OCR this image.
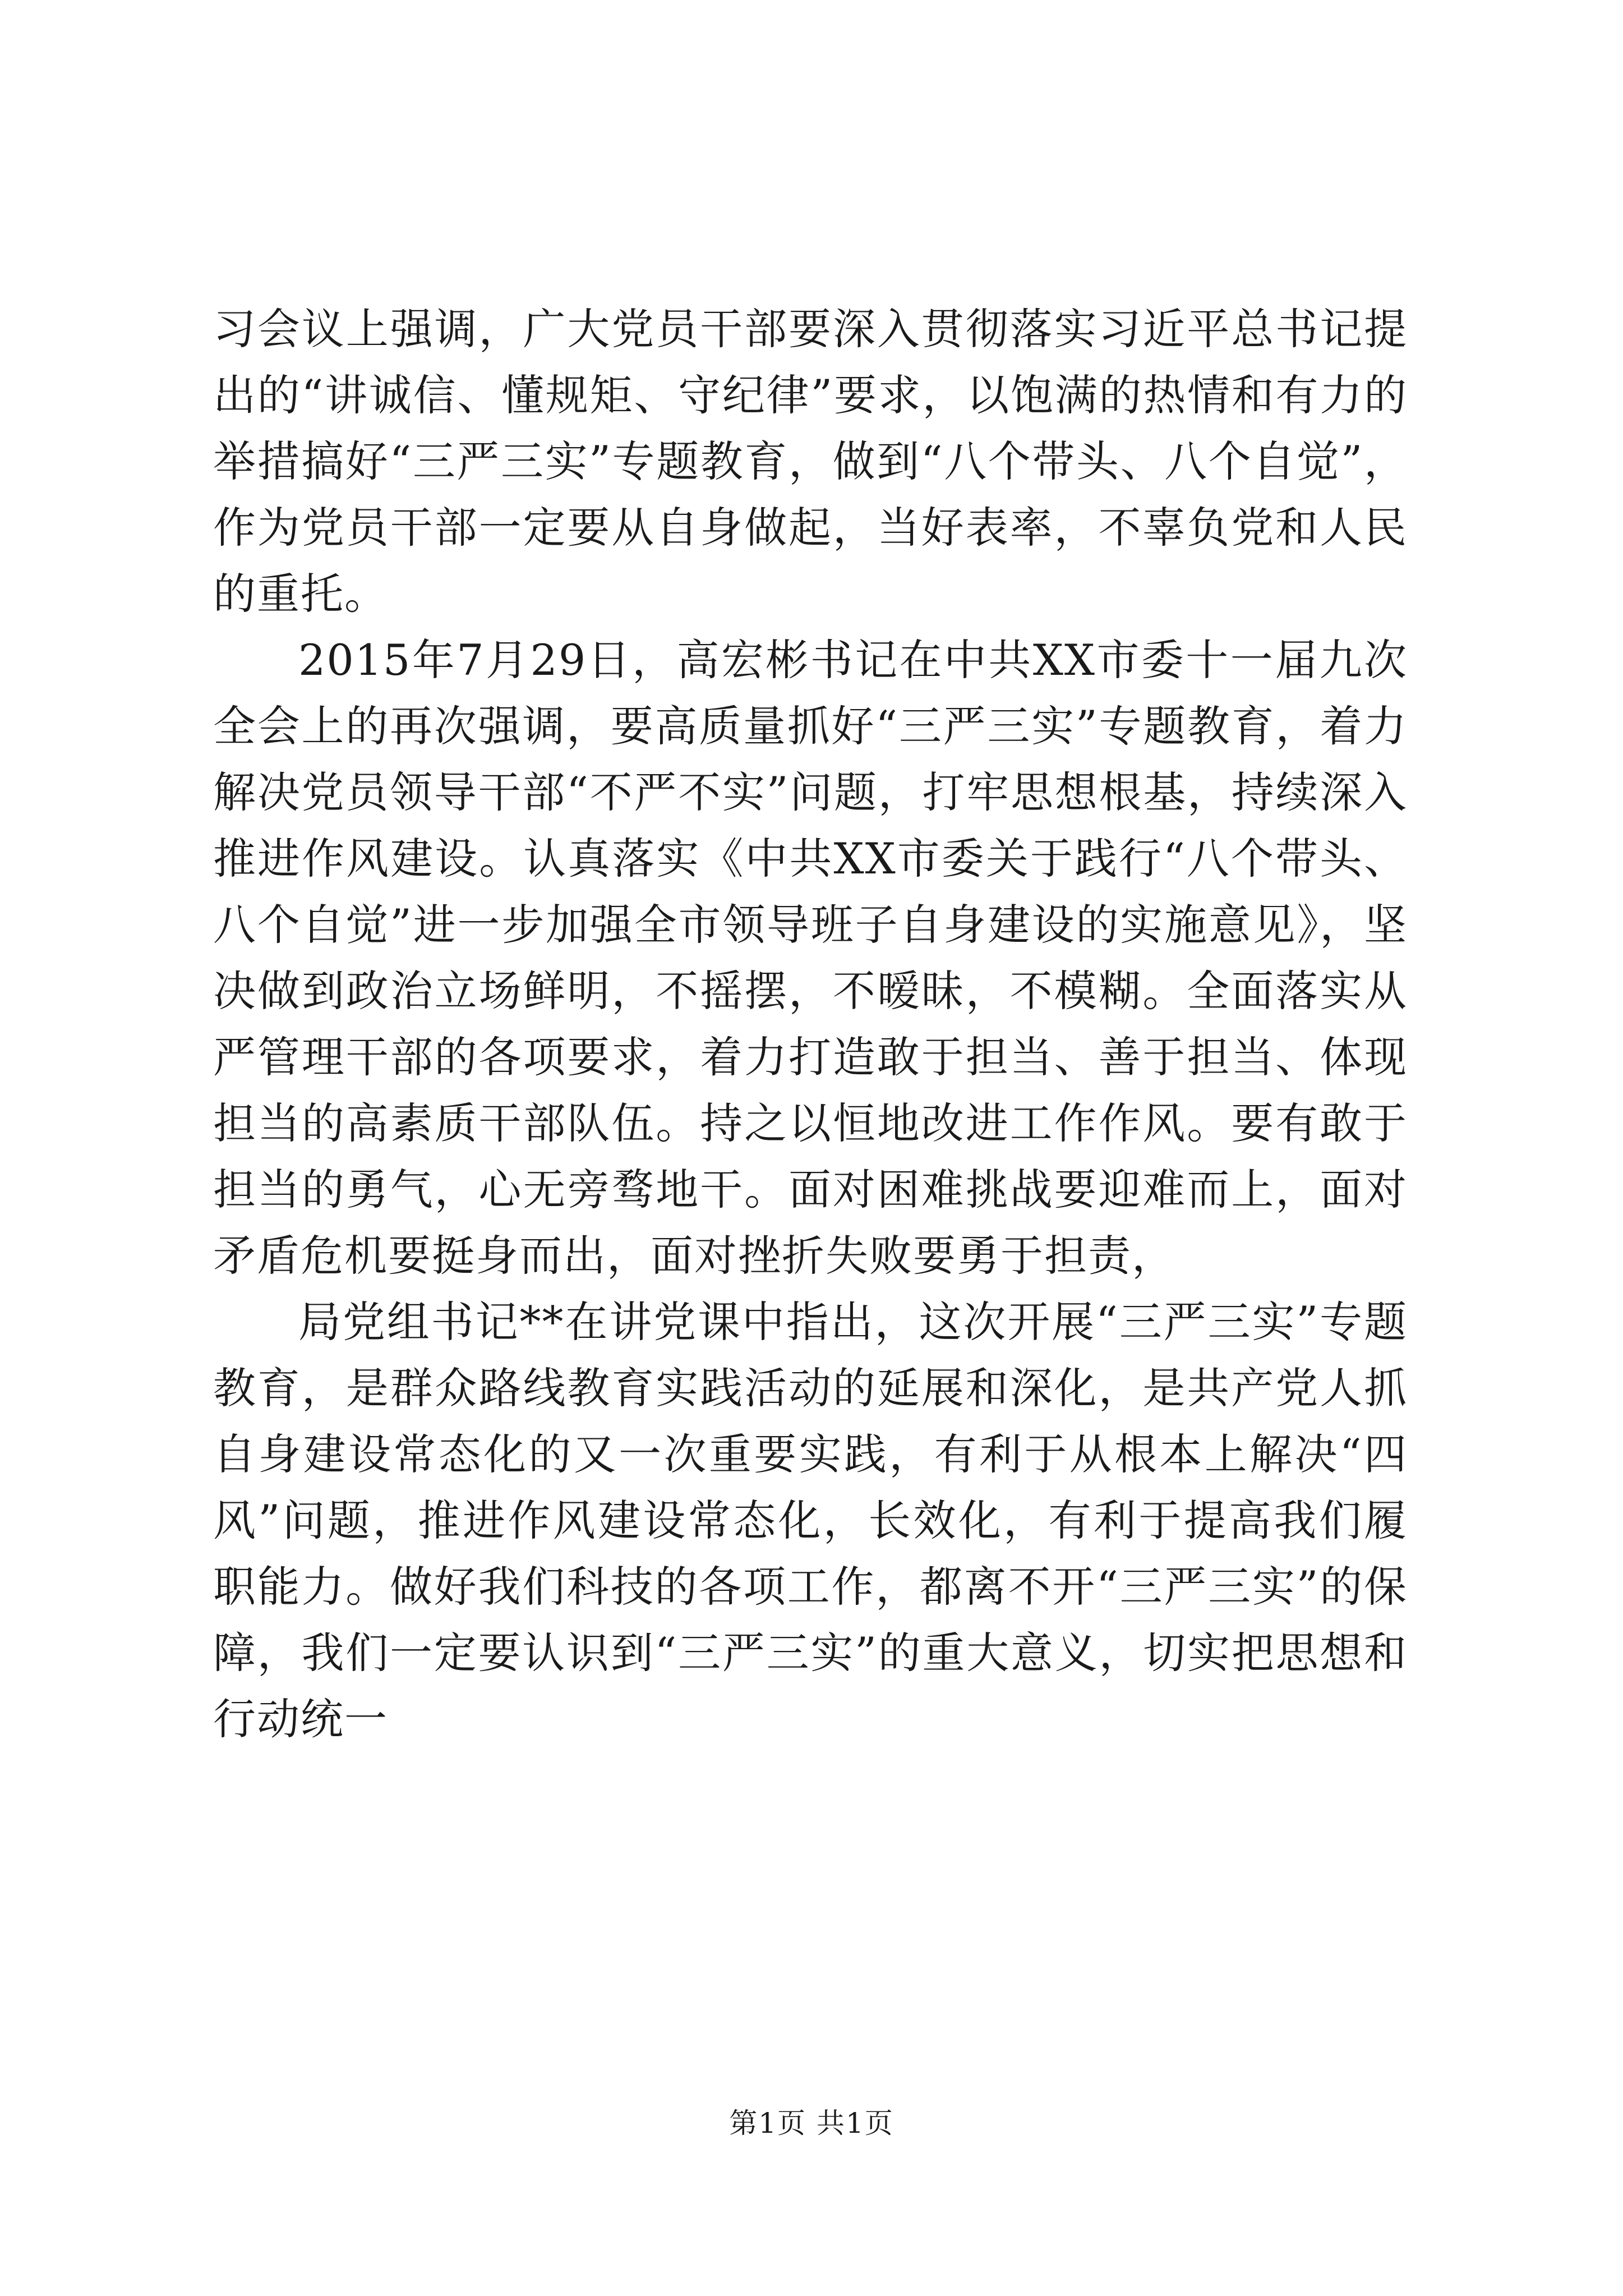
习会议上强调，广大党员干部要深入贯彻落实习近平总书记提出的“讲诚信、懂规矩、守纪律”要求，以饱满的热情和有力的举措搞好“三严三实”专题教育，做到“八个带头、八个自觉”，作为党员干部一定要从自身做起，当好表率，不辜负党和人民的重托。

2015年7月29日，高宏彬书记在中共XX市委十一届九次全会上的再次强调，要高质量抓好“三严三实”专题教育，着力解决党员领导干部“不严不实”问题，打牢思想根基，持续深入推进作风建设。认真落实《中共XX市委关于践行“八个带头、八个自觉”进一步加强全市领导班子自身建设的实施意见》，坚决做到政治立场鲜明，不摇摆，不暧昧，不模糊。全面落实从严管理干部的各项要求，着力打造敢于担当、善于担当、体现担当的高素质干部队伍。持之以恒地改进工作作风。要有敢于担当的勇气，心无旁骛地干。面对困难挑战要迎难而上，面对矛盾危机要挺身而出，面对挫折失败要勇于担责，

局党组书记**在讲党课中指出，这次开展“三严三实”专题教育，是群众路线教育实践活动的延展和深化，是共产党人抓自身建设常态化的又一次重要实践，有利于从根本上解决“四风”问题，推进作风建设常态化，长效化，有利于提高我们履职能力。做好我们科技的各项工作，都离不开“三严三实”的保障，我们一定要认识到“三严三实”的重大意义，切实把思想和行动统一

第1页 共1页
